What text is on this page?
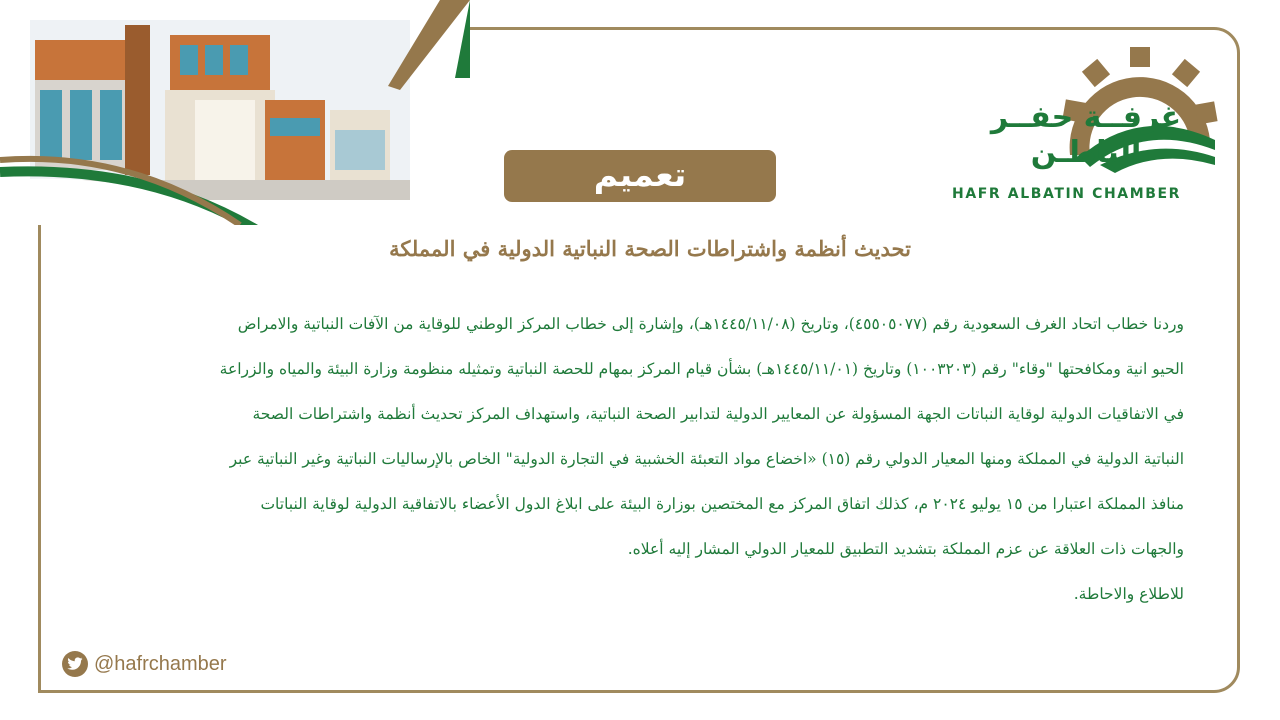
غرفــة حفــر الباطـن
HAFR ALBATIN CHAMBER
تعميم
تحديث أنظمة واشتراطات الصحة النباتية الدولية في المملكة
وردنا خطاب اتحاد الغرف السعودية رقم (٤٥٥٠٥٠٧٧)، وتاريخ (١٤٤٥/١١/٠٨هـ)، وإشارة إلى خطاب المركز الوطني للوقاية من الآفات النباتية والامراض
الحيو انية ومكافحتها "وقاء" رقم (١٠٠٣٢٠٣) وتاريخ (١٤٤٥/١١/٠١هـ) بشأن قيام المركز بمهام للحصة النباتية وتمثيله منظومة وزارة البيئة والمياه والزراعة
في الاتفاقيات الدولية لوقاية النباتات الجهة المسؤولة عن المعايير الدولية لتدابير الصحة النباتية، واستهداف المركز تحديث أنظمة واشتراطات الصحة
النباتية الدولية في المملكة ومنها المعيار الدولي رقم (١٥) «اخضاع مواد التعبئة الخشبية في التجارة الدولية" الخاص بالإرساليات النباتية وغير النباتية عبر
منافذ المملكة اعتبارا من ١٥ يوليو ٢٠٢٤ م، كذلك اتفاق المركز مع المختصين بوزارة البيئة على ابلاغ الدول الأعضاء بالاتفاقية الدولية لوقاية النباتات
والجهات ذات العلاقة عن عزم المملكة بتشديد التطبيق للمعيار الدولي المشار إليه أعلاه.
للاطلاع والاحاطة.
@hafrchamber
